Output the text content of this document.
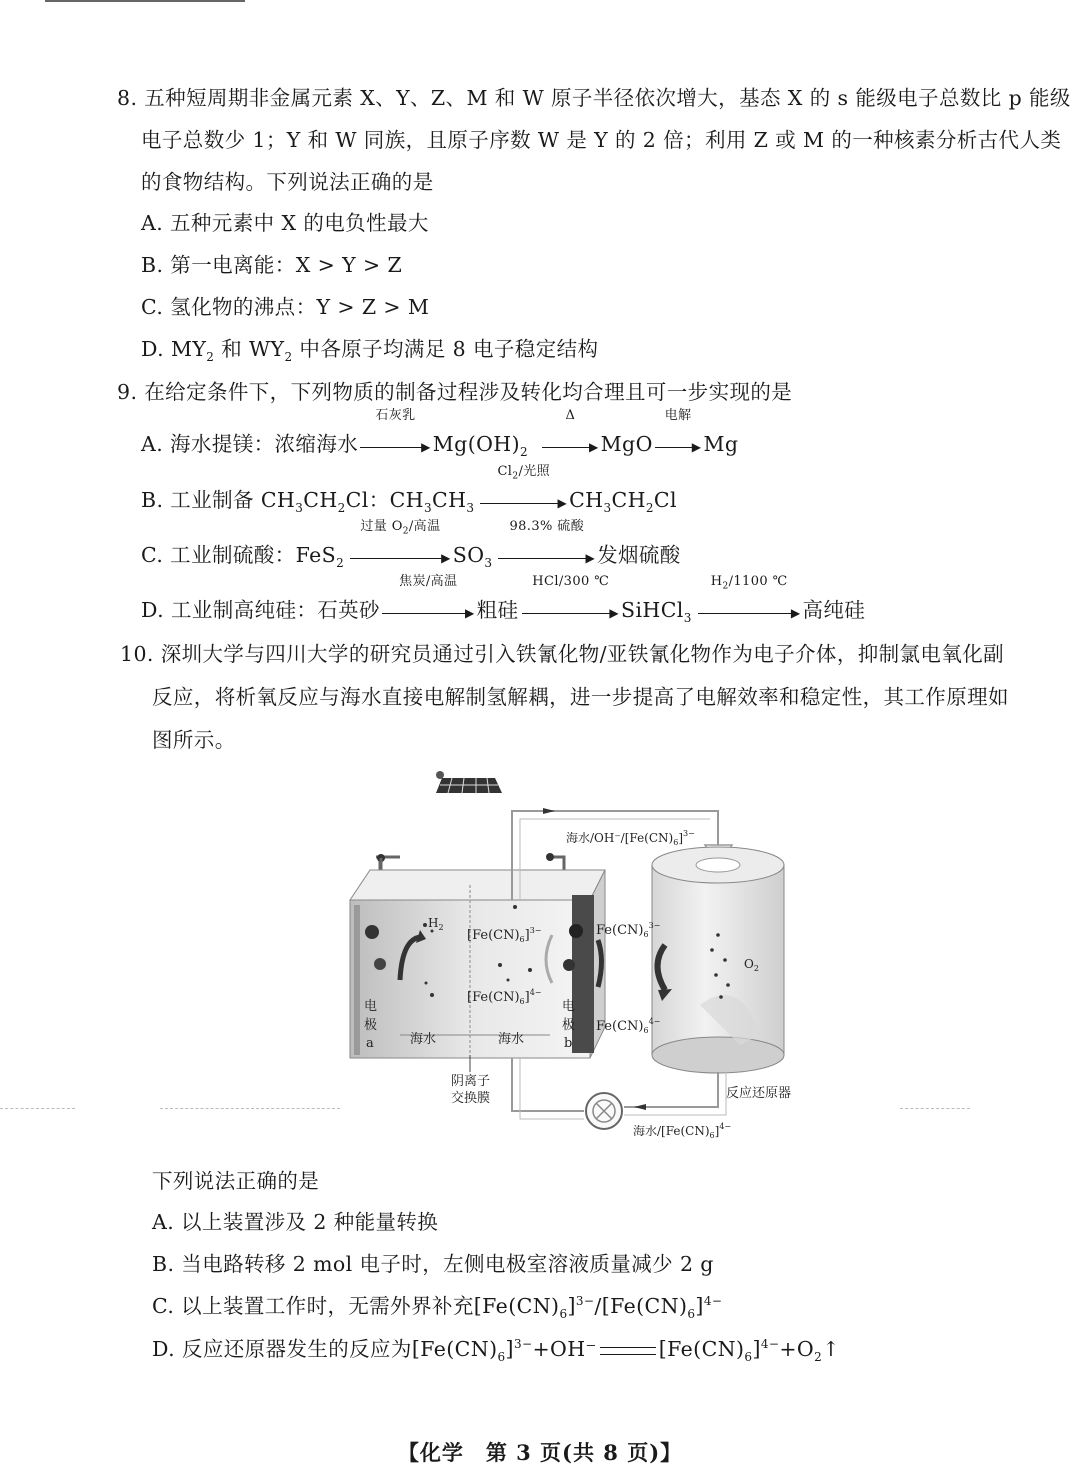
8. 五种短周期非金属元素 X、Y、Z、M 和 W 原子半径依次增大，基态 X 的 s 能级电子总数比 p 能级
电子总数少 1；Y 和 W 同族，且原子序数 W 是 Y 的 2 倍；利用 Z 或 M 的一种核素分析古代人类
的食物结构。下列说法正确的是
A. 五种元素中 X 的电负性最大
B. 第一电离能：X > Y > Z
C. 氢化物的沸点：Y > Z > M
D. $MY_2$ 和 $WY_2$ 中各原子均满足 8 电子稳定结构
9. 在给定条件下，下列物质的制备过程涉及转化均合理且可一步实现的是
A. 海水提镁：浓缩海水
石灰乳
$▶Mg(OH)_2$
Δ
▶MgO
电解
▶Mg
B. 工业制备 $CH_3CH_2Cl$：$CH_3CH_3$
$Cl_2/$光照
$▶CH_3CH_2Cl$
C. 工业制硫酸：FeS$_2$
过量 $O_2/$高温
$▶SO_3$
98.3% 硫酸
▶发烟硫酸
D. 工业制高纯硅：石英砂
焦炭/高温
▶粗硅
HCl/300 ℃
▶SiHCl$_3$
$H_2/1100$ ℃
▶高纯硅
10. 深圳大学与四川大学的研究员通过引入铁氰化物/亚铁氰化物作为电子介体，抑制氯电氧化副
反应，将析氧反应与海水直接电解制氢解耦，进一步提高了电解效率和稳定性，其工作原理如
图所示。
$H_2$
$[Fe(CN)_6]^{3-}$
$[Fe(CN)_6]^{4-}$
电
极
a
电
极
b
海水	海水
阴离子
交换膜
海水$/OH^-/[Fe(CN)_6]^{3-}$
$Fe(CN)_6^{3-}$
$Fe(CN)_6^{4-}$
$O_2$
反应还原器
海水$/[Fe(CN)_6]^{4-}$
下列说法正确的是
A. 以上装置涉及 2 种能量转换
B. 当电路转移 2 mol 电子时，左侧电极室溶液质量减少 2 g
C. 以上装置工作时，无需外界补充$[Fe(CN)_6]^{3-}/[Fe(CN)_6]^{4-}$
D. 反应还原器发生的反应为$[Fe(CN)_6]^{3-}+OH^-$	$[Fe(CN)_6]^{4-}+O_2↑$
【化学　第 3 页(共 8 页)】
